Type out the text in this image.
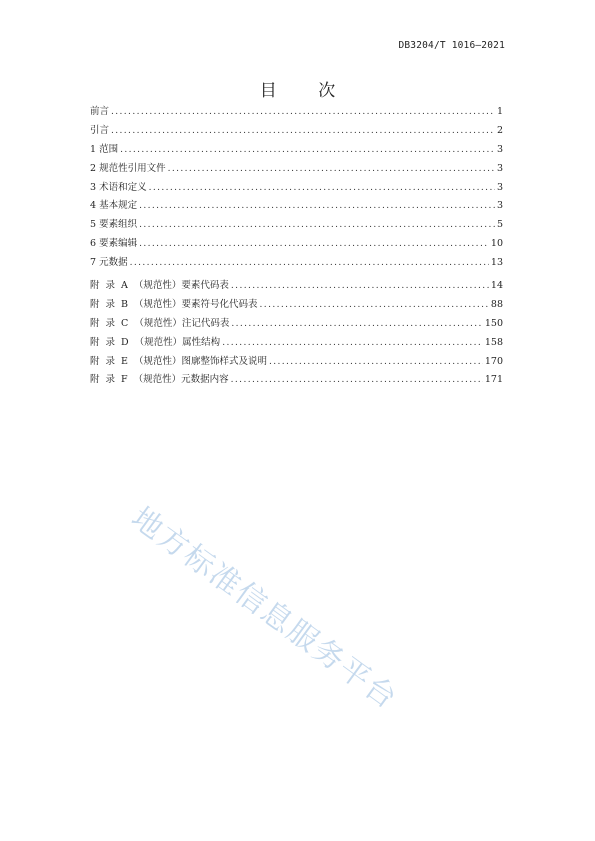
DB3204/T 1016—2021
目 次
前言 .....	1
引言 .....	2
1 范围 .....	3
2 规范性引用文件 .....	3
3 术语和定义 .....	3
4 基本规定 .....	3
5 要素组织 .....	5
6 要素编辑 .....	10
7 元数据 .....	13
附 录 A （规范性）要素代码表 .....	14
附 录 B （规范性）要素符号化代码表 .....	88
附 录 C （规范性）注记代码表 .....	150
附 录 D （规范性）属性结构 .....	158
附 录 E （规范性）图廓整饰样式及说明 .....	170
附 录 F （规范性）元数据内容 .....	171
地方标准信息服务平台
